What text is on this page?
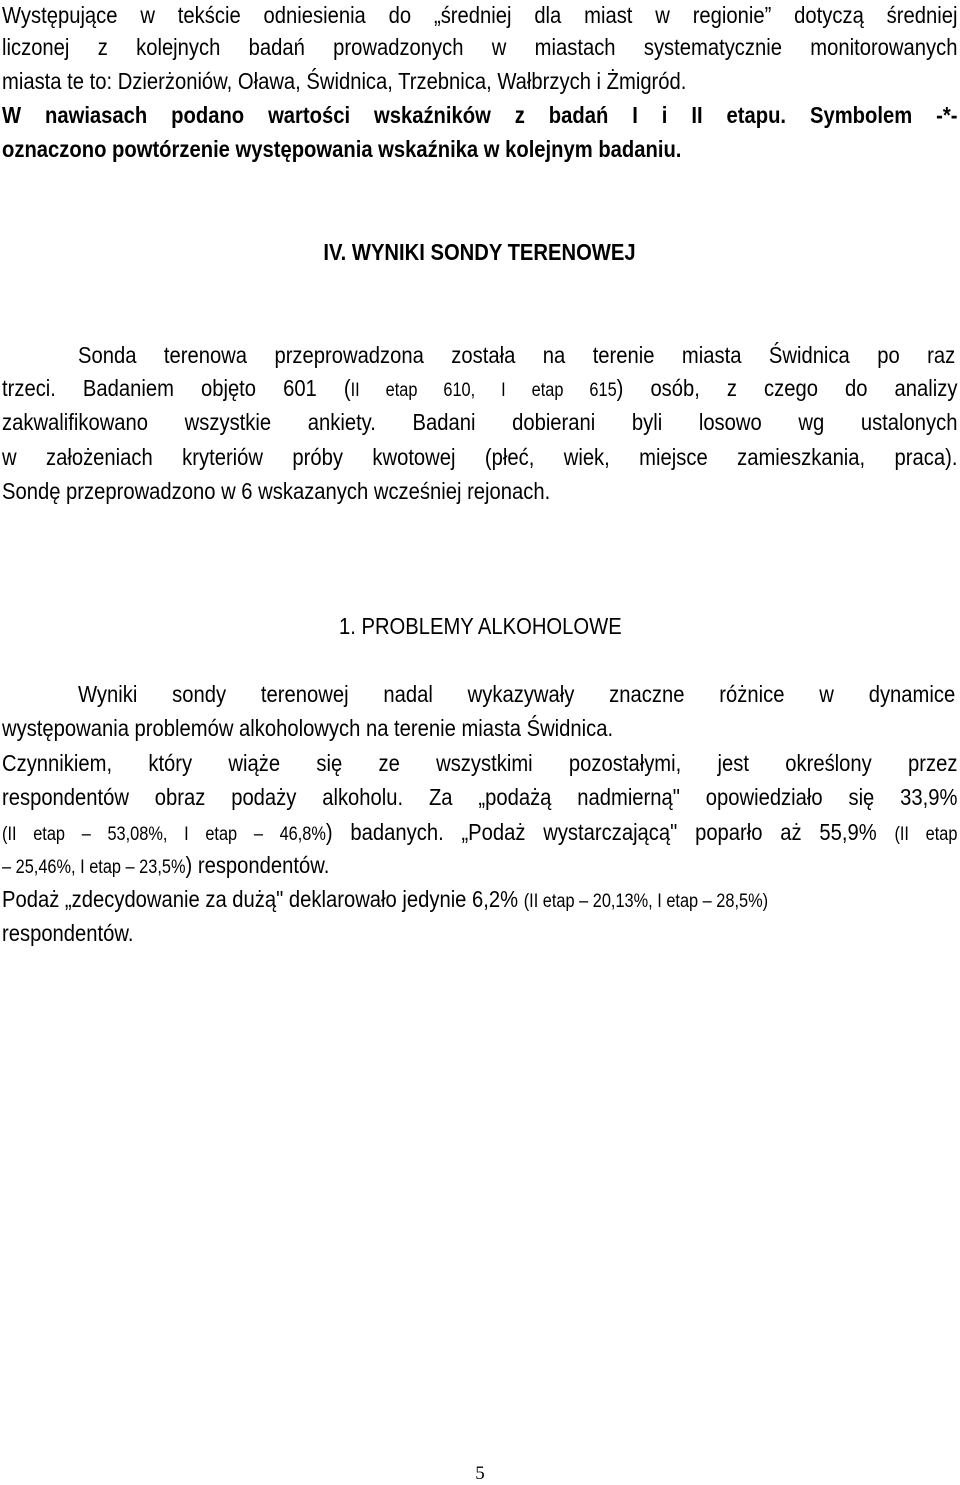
Występujące w tekście odniesienia do „średniej dla miast w regionie” dotyczą średniej
liczonej z kolejnych badań prowadzonych w miastach systematycznie monitorowanych
miasta te to: Dzierżoniów, Oława, Świdnica, Trzebnica, Wałbrzych i Żmigród.
W nawiasach podano wartości wskaźników z badań I i II etapu. Symbolem -*-
oznaczono powtórzenie występowania wskaźnika w kolejnym badaniu.
IV. WYNIKI SONDY TERENOWEJ
Sonda terenowa przeprowadzona została na terenie miasta Świdnica po raz
trzeci. Badaniem objęto 601 (II etap 610, I etap 615) osób, z czego do analizy
zakwalifikowano wszystkie ankiety. Badani dobierani byli losowo wg ustalonych
w założeniach kryteriów próby kwotowej (płeć, wiek, miejsce zamieszkania, praca).
Sondę przeprowadzono w 6 wskazanych wcześniej rejonach.
1. PROBLEMY ALKOHOLOWE
Wyniki sondy terenowej nadal wykazywały znaczne różnice w dynamice
występowania problemów alkoholowych na terenie miasta Świdnica.
Czynnikiem, który wiąże się ze wszystkimi pozostałymi, jest określony przez
respondentów obraz podaży alkoholu. Za „podażą nadmierną" opowiedziało się 33,9%
(II etap – 53,08%, I etap – 46,8%) badanych. „Podaż wystarczającą" poparło aż 55,9% (II etap
– 25,46%, I etap – 23,5%) respondentów.
Podaż „zdecydowanie za dużą" deklarowało jedynie 6,2% (II etap – 20,13%, I etap – 28,5%)
respondentów.
5
